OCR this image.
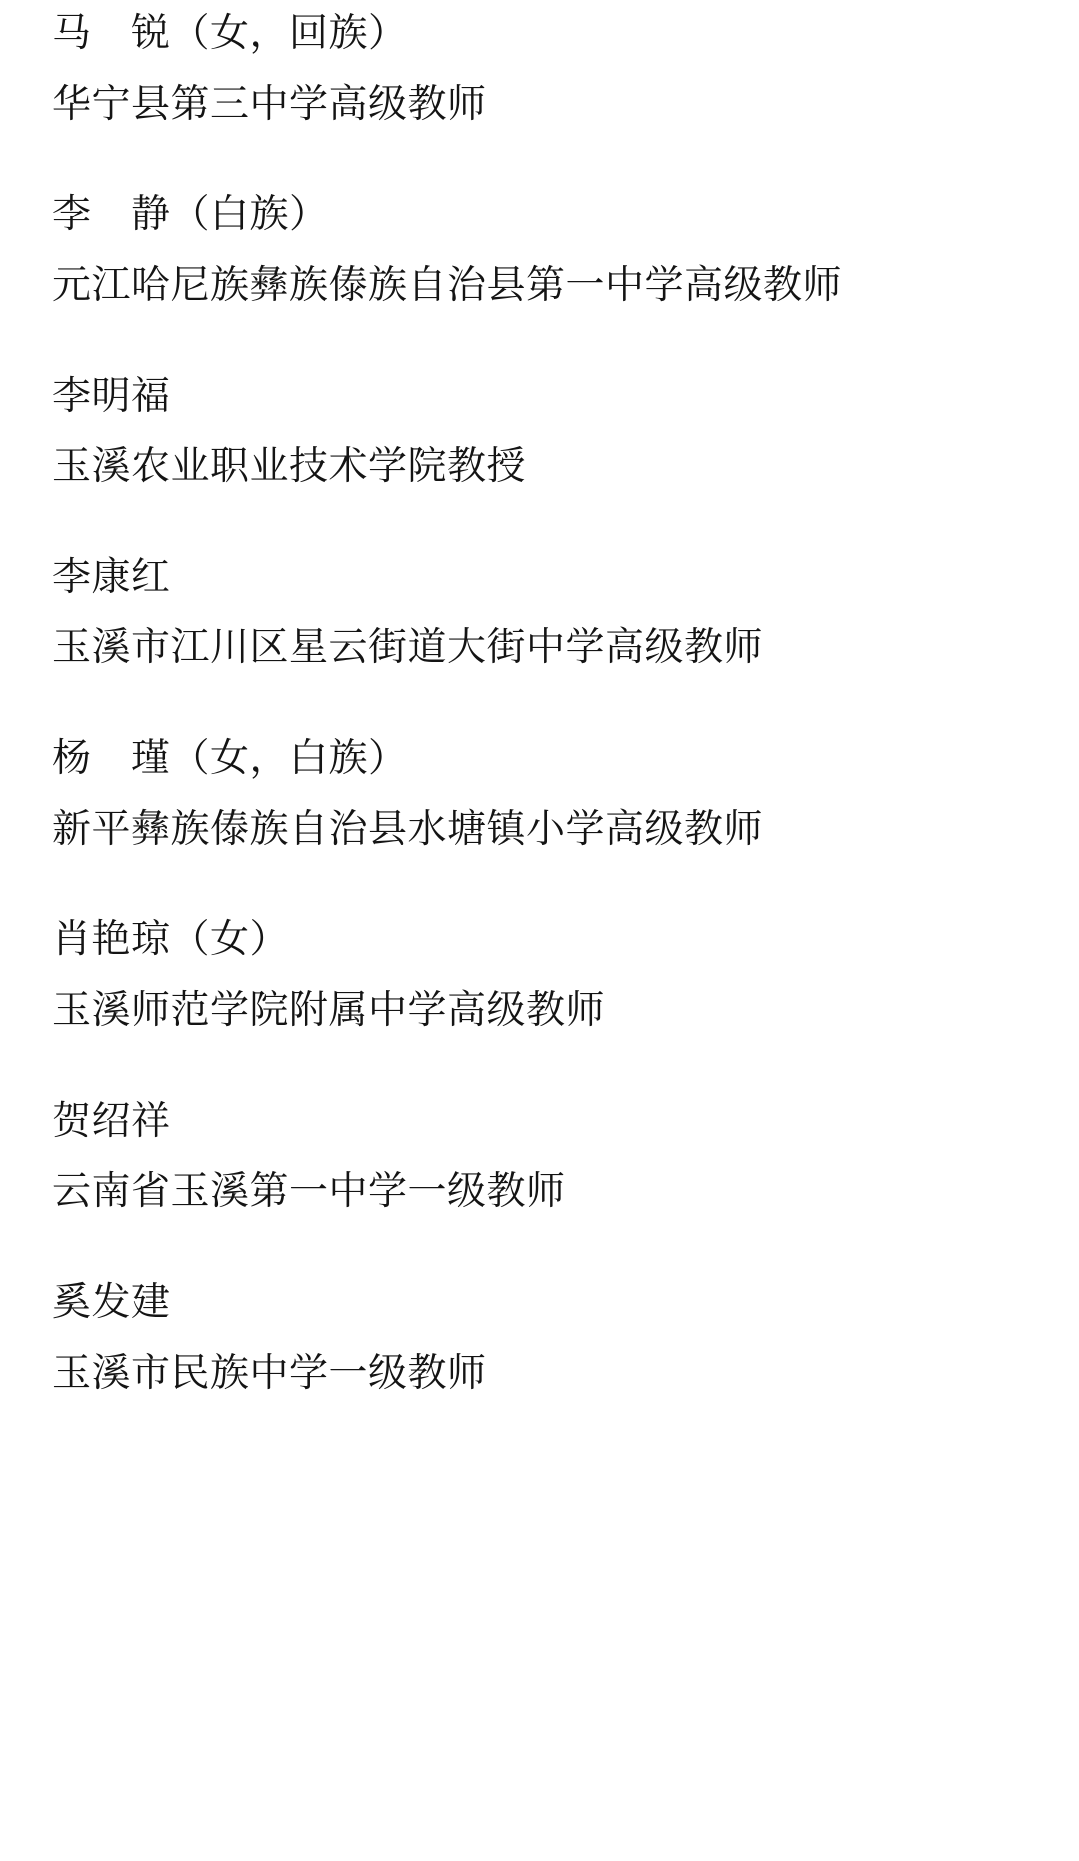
马　锐（女，回族）
华宁县第三中学高级教师
李　静（白族）
元江哈尼族彝族傣族自治县第一中学高级教师
李明福
玉溪农业职业技术学院教授
李康红
玉溪市江川区星云街道大街中学高级教师
杨　瑾（女，白族）
新平彝族傣族自治县水塘镇小学高级教师
肖艳琼（女）
玉溪师范学院附属中学高级教师
贺绍祥
云南省玉溪第一中学一级教师
奚发建
玉溪市民族中学一级教师
